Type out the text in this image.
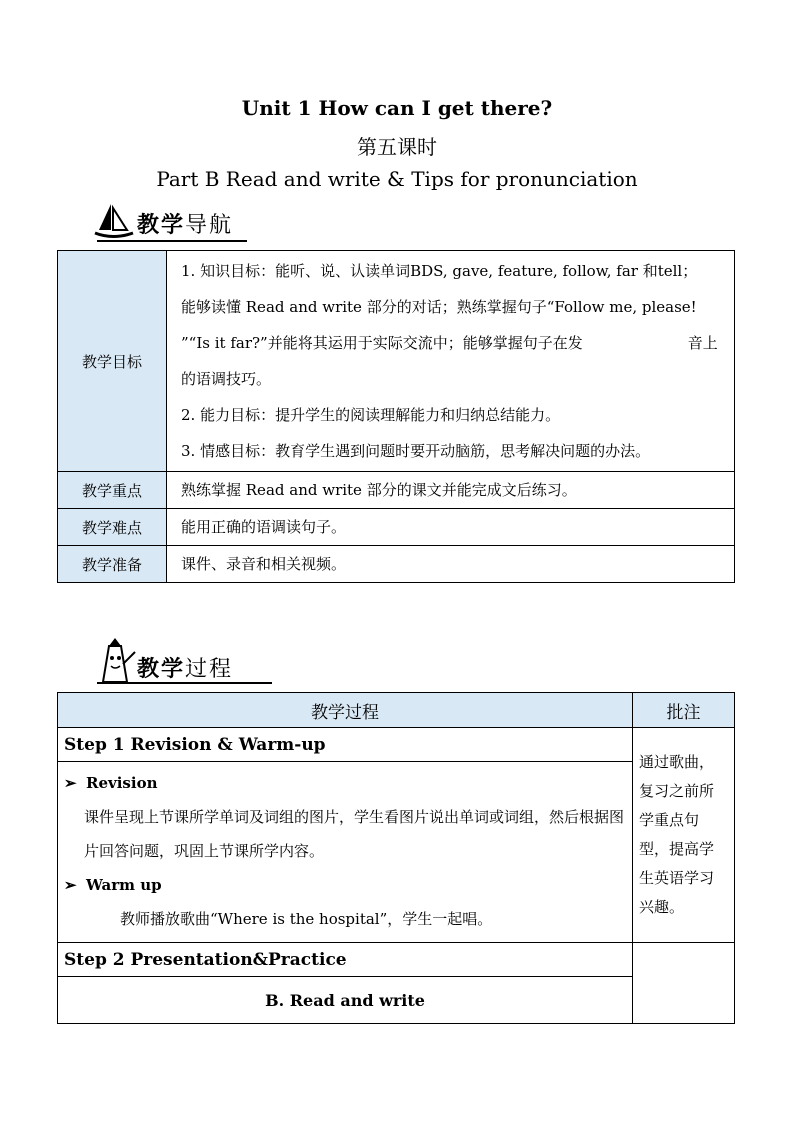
Unit 1 How can I get there?
第五课时
Part B Read and write & Tips for pronunciation
教学导航
教学目标	1. 知识目标：能听、说、认读单词BDS, gave, feature, follow, far 和tell；　　　　　　能够读懂 Read and write 部分的对话；熟练掌握句子“Follow me, please! ”“Is it far?”并能将其运用于实际交流中；能够掌握句子在发　　　　　　　音上的语调技巧。

2. 能力目标：提升学生的阅读理解能力和归纳总结能力。

3. 情感目标：教育学生遇到问题时要开动脑筋，思考解决问题的办法。

教学重点	熟练掌握 Read and write 部分的课文并能完成文后练习。
教学难点	能用正确的语调读句子。
教学准备	课件、录音和相关视频。
教学过程
教学过程	批注
Step 1 Revision & Warm-up	通过歌曲，复习之前所学重点句型，提高学生英语学习兴趣。

➢ Revision
课件呈现上节课所学单词及词组的图片，学生看图片说出单词或词组，然后根据图片回答问题，巩固上节课所学内容。
➢ Warm up
教师播放歌曲“Where is the hospital”，学生一起唱。	

Step 2 Presentation&Practice	
B. Read and write	
